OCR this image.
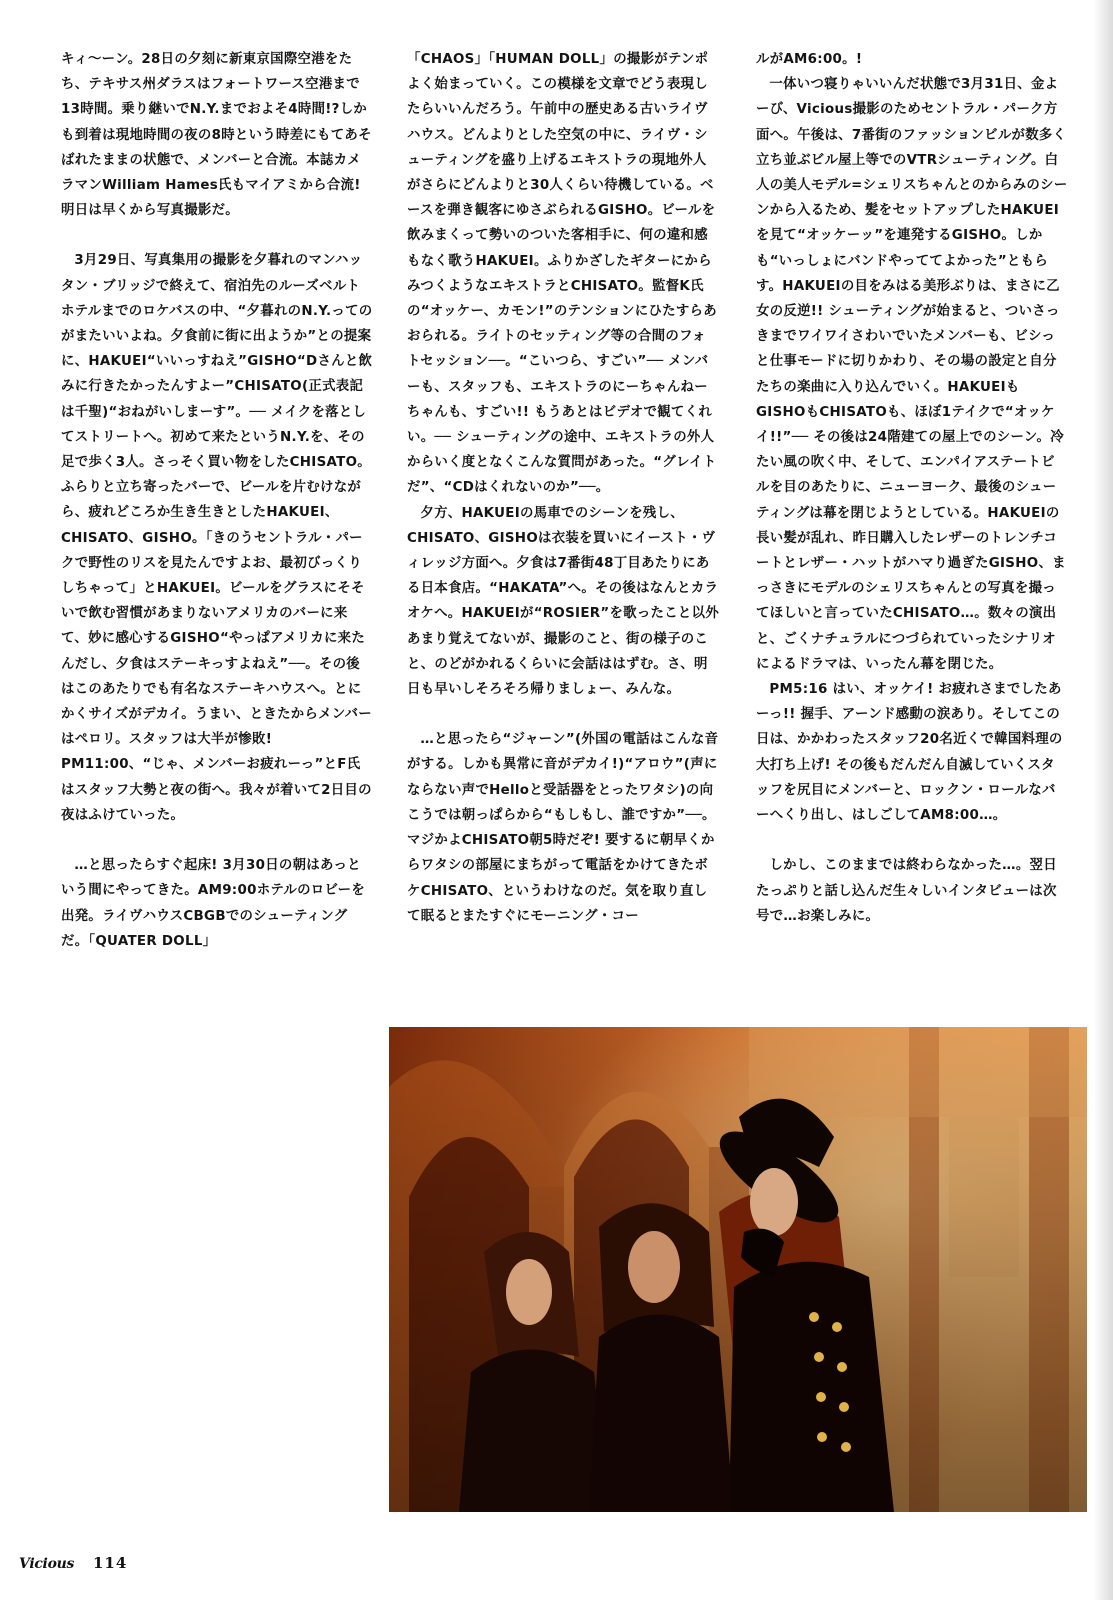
キィ〜ーン。28日の夕刻に新東京国際空港をたち、テキサス州ダラスはフォートワース空港まで13時間。乗り継いでN.Y.までおよそ4時間!?しかも到着は現地時間の夜の8時という時差にもてあそばれたままの状態で、メンバーと合流。本誌カメラマンWilliam Hames氏もマイアミから合流! 明日は早くから写真撮影だ。

3月29日、写真集用の撮影を夕暮れのマンハッタン・ブリッジで終えて、宿泊先のルーズベルトホテルまでのロケバスの中、“夕暮れのN.Y.ってのがまたいいよね。夕食前に街に出ようか”との提案に、HAKUEI“いいっすねえ”GISHO“Dさんと飲みに行きたかったんすよー”CHISATO(正式表記は千聖)“おねがいしまーす”。── メイクを落としてストリートへ。初めて来たというN.Y.を、その足で歩く3人。さっそく買い物をしたCHISATO。ふらりと立ち寄ったバーで、ビールを片むけながら、疲れどころか生き生きとしたHAKUEI、CHISATO、GISHO。「きのうセントラル・パークで野性のリスを見たんですよお、最初びっくりしちゃって」とHAKUEI。ビールをグラスにそそいで飲む習慣があまりないアメリカのバーに来て、妙に感心するGISHO“やっぱアメリカに来たんだし、夕食はステーキっすよねえ”──。その後はこのあたりでも有名なステーキハウスへ。とにかくサイズがデカイ。うまい、ときたからメンバーはペロリ。スタッフは大半が惨敗! PM11:00、“じゃ、メンバーお疲れーっ”とF氏はスタッフ大勢と夜の街へ。我々が着いて2日目の夜はふけていった。

…と思ったらすぐ起床! 3月30日の朝はあっという間にやってきた。AM9:00ホテルのロビーを出発。ライヴハウスCBGBでのシューティングだ。「QUATER DOLL」

「CHAOS」「HUMAN DOLL」の撮影がテンポよく始まっていく。この模様を文章でどう表現したらいいんだろう。午前中の歴史ある古いライヴハウス。どんよりとした空気の中に、ライヴ・シューティングを盛り上げるエキストラの現地外人がさらにどんよりと30人くらい待機している。ベースを弾き観客にゆさぶられるGISHO。ビールを飲みまくって勢いのついた客相手に、何の違和感もなく歌うHAKUEI。ふりかざしたギターにからみつくようなエキストラとCHISATO。監督K氏の“オッケー、カモン!”のテンションにひたすらあおられる。ライトのセッティング等の合間のフォトセッション──。“こいつら、すごい”── メンバーも、スタッフも、エキストラのにーちゃんねーちゃんも、すごい!! もうあとはビデオで観てくれい。── シューティングの途中、エキストラの外人からいく度となくこんな質問があった。“グレイトだ”、“CDはくれないのか”──。

夕方、HAKUEIの馬車でのシーンを残し、CHISATO、GISHOは衣装を買いにイースト・ヴィレッジ方面へ。夕食は7番街48丁目あたりにある日本食店。“HAKATA”へ。その後はなんとカラオケへ。HAKUEIが“ROSIER”を歌ったこと以外あまり覚えてないが、撮影のこと、街の様子のこと、のどがかれるくらいに会話ははずむ。さ、明日も早いしそろそろ帰りましょー、みんな。

…と思ったら“ジャーン”(外国の電話はこんな音がする。しかも異常に音がデカイ!)“アロウ”(声にならない声でHelloと受話器をとったワタシ)の向こうでは朝っぱらから“もしもし、誰ですか”──。マジかよCHISATO朝5時だぞ! 要するに朝早くからワタシの部屋にまちがって電話をかけてきたボケCHISATO、というわけなのだ。気を取り直して眠るとまたすぐにモーニング・コー

ルがAM6:00。!

一体いつ寝りゃいいんだ状態で3月31日、金よーび、Vicious撮影のためセントラル・パーク方面へ。午後は、7番街のファッションビルが数多く立ち並ぶビル屋上等でのVTRシューティング。白人の美人モデル=シェリスちゃんとのからみのシーンから入るため、髪をセットアップしたHAKUEIを見て“オッケーッ”を連発するGISHO。しかも“いっしょにバンドやっててよかった”ともらす。HAKUEIの目をみはる美形ぶりは、まさに乙女の反逆!! シューティングが始まると、ついさっきまでワイワイさわいでいたメンバーも、ビシっと仕事モードに切りかわり、その場の設定と自分たちの楽曲に入り込んでいく。HAKUEIもGISHOもCHISATOも、ほぼ1テイクで“オッケイ!!”── その後は24階建ての屋上でのシーン。冷たい風の吹く中、そして、エンパイアステートビルを目のあたりに、ニューヨーク、最後のシューティングは幕を閉じようとしている。HAKUEIの長い髪が乱れ、昨日購入したレザーのトレンチコートとレザー・ハットがハマり過ぎたGISHO、まっさきにモデルのシェリスちゃんとの写真を撮ってほしいと言っていたCHISATO…。数々の演出と、ごくナチュラルにつづられていったシナリオによるドラマは、いったん幕を閉じた。

PM5:16 はい、オッケイ! お疲れさまでしたあーっ!! 握手、アーンド感動の涙あり。そしてこの日は、かかわったスタッフ20名近くで韓国料理の大打ち上げ! その後もだんだん自滅していくスタッフを尻目にメンバーと、ロックン・ロールなバーへくり出し、はしごしてAM8:00…。

しかし、このままでは終わらなかった…。翌日たっぷりと話し込んだ生々しいインタビューは次号で…お楽しみに。

Vicious 114
